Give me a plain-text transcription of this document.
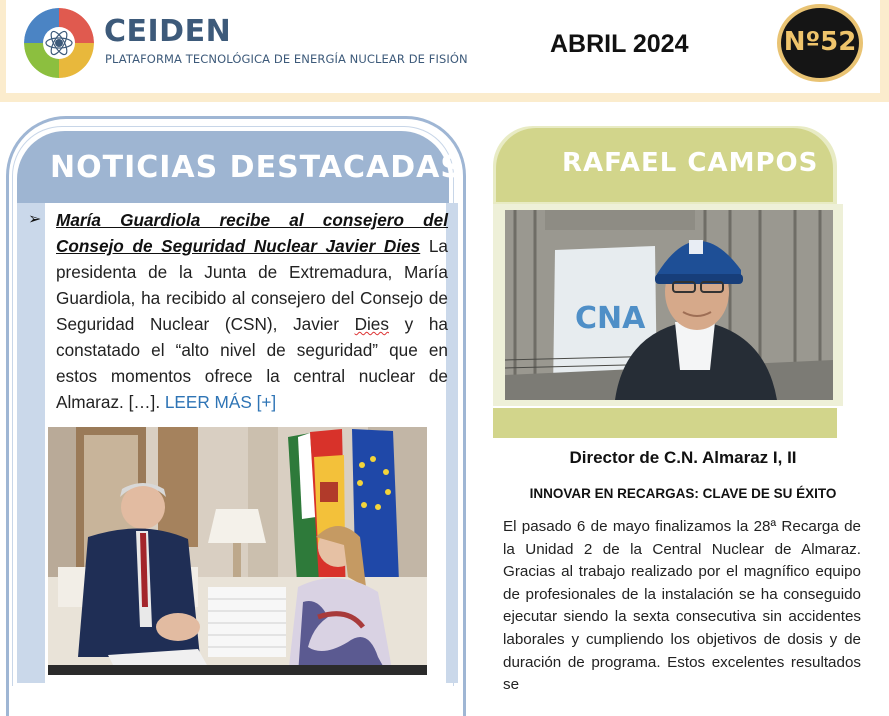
CEIDEN
PLATAFORMA TECNOLÓGICA DE ENERGÍA NUCLEAR DE FISIÓN
ABRIL 2024	Nº52
NOTICIAS DESTACADAS
➢ María Guardiola recibe al consejero del Consejo de Seguridad Nuclear Javier Dies La presidenta de la Junta de Extremadura, María Guardiola, ha recibido al consejero del Consejo de Seguridad Nuclear (CSN), Javier Dies y ha constatado el “alto nivel de seguridad” que en estos momentos ofrece la central nuclear de Almaraz. […]. LEER MÁS [+]

RAFAEL CAMPOS
CNA
Director de C.N. Almaraz I, II
INNOVAR EN RECARGAS: CLAVE DE SU ÉXITO

El pasado 6 de mayo finalizamos la 28ª Recarga de la Unidad 2 de la Central Nuclear de Almaraz. Gracias al trabajo realizado por el magnífico equipo de profesionales de la instalación se ha conseguido ejecutar siendo la sexta consecutiva sin accidentes laborales y cumpliendo los objetivos de dosis y de duración de programa. Estos excelentes resultados se
